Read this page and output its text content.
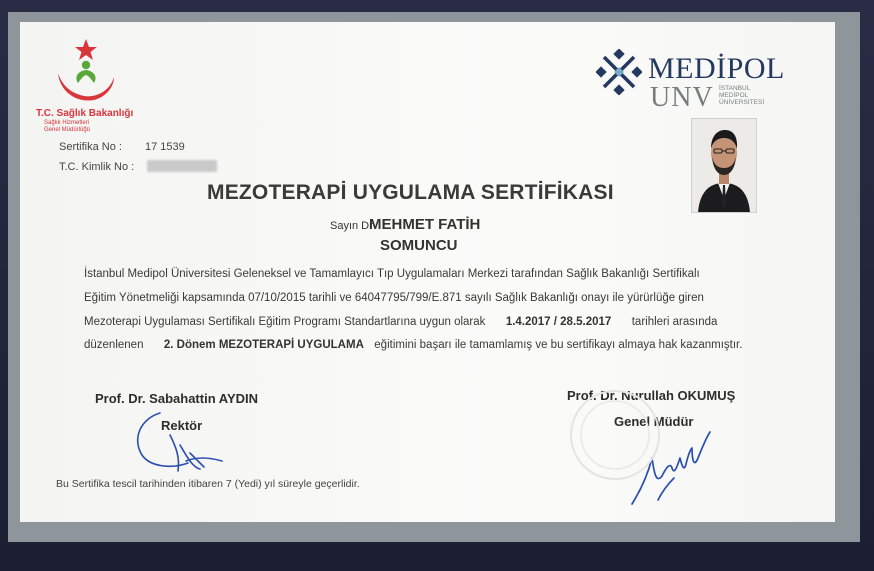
T.C. Sağlık Bakanlığı
Sağlık Hizmetleri
Genel Müdürlüğü
MEDİPOL
UNV İSTANBUL
MEDİPOL
ÜNİVERSİTESİ
Sertifika No : 17 1539
T.C. Kimlik No :
MEZOTERAPİ UYGULAMA SERTİFİKASI
Sayın Dr
MEHMET FATİH
SOMUNCU
İstanbul Medipol Üniversitesi Geleneksel ve Tamamlayıcı Tıp Uygulamaları Merkezi tarafından Sağlık Bakanlığı Sertifikalı
Eğitim Yönetmeliği kapsamında 07/10/2015 tarihli ve 64047795/799/E.871 sayılı Sağlık Bakanlığı onayı ile yürürlüğe giren
Mezoterapi Uygulaması Sertifikalı Eğitim Programı Standartlarına uygun olarak 1.4.2017 / 28.5.2017 tarihleri arasında
düzenlenen 2. Dönem MEZOTERAPİ UYGULAMA eğitimini başarı ile tamamlamış ve bu sertifikayı almaya hak kazanmıştır.
Prof. Dr. Sabahattin AYDIN
Rektör
Prof. Dr. Nurullah OKUMUŞ
Genel Müdür
Bu Sertifika tescil tarihinden itibaren 7 (Yedi) yıl süreyle geçerlidir.
